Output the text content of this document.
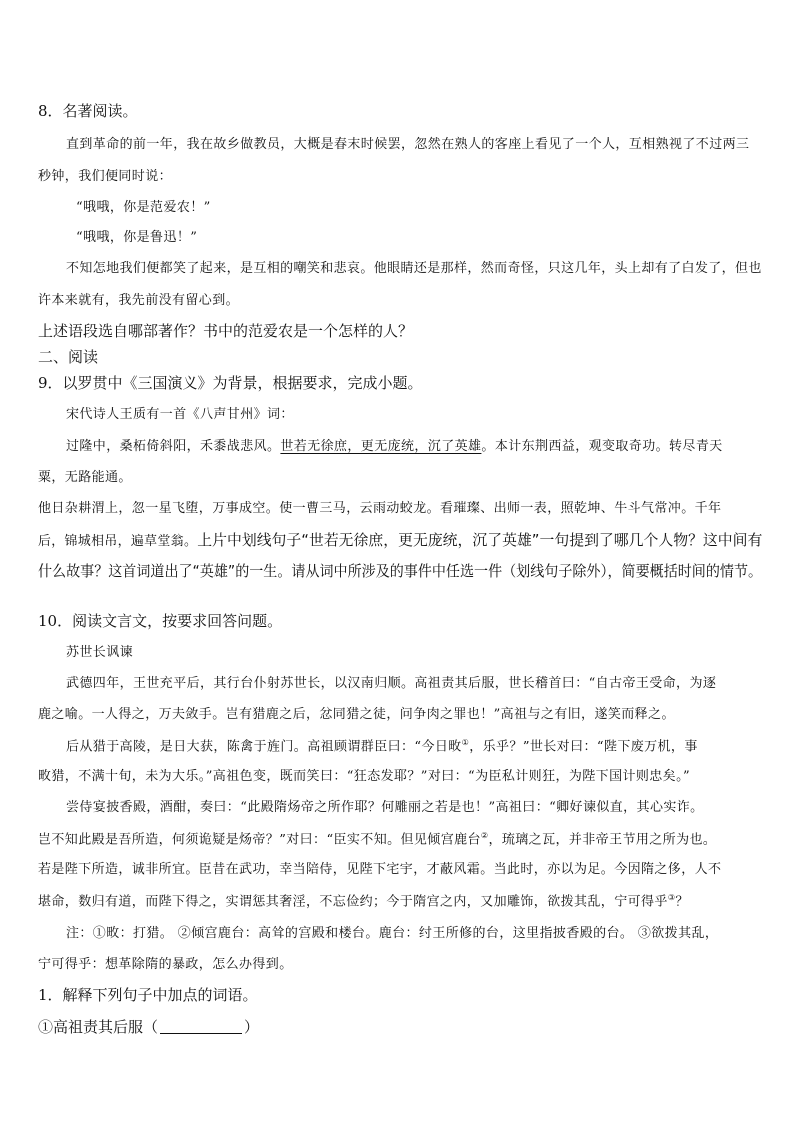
8．名著阅读。
直到革命的前一年，我在故乡做教员，大概是春末时候罢，忽然在熟人的客座上看见了一个人，互相熟视了不过两三
秒钟，我们便同时说：
“哦哦，你是范爱农！”
“哦哦，你是鲁迅！”
不知怎地我们便都笑了起来，是互相的嘲笑和悲哀。他眼睛还是那样，然而奇怪，只这几年，头上却有了白发了，但也
许本来就有，我先前没有留心到。
上述语段选自哪部著作？书中的范爱农是一个怎样的人？
二、阅读
9．以罗贯中《三国演义》为背景，根据要求，完成小题。
宋代诗人王质有一首《八声甘州》词：
过隆中，桑柘倚斜阳，禾黍战悲风。世若无徐庶，更无庞统，沉了英雄。本计东荆西益，观变取奇功。转尽青天
粟，无路能通。
他日杂耕渭上，忽一星飞堕，万事成空。使一曹三马，云雨动蛟龙。看璀璨、出师一表，照乾坤、牛斗气常冲。千年
后，锦城相吊，遍草堂翁。上片中划线句子“世若无徐庶，更无庞统，沉了英雄”一句提到了哪几个人物？这中间有
什么故事？这首词道出了“英雄”的一生。请从词中所涉及的事件中任选一件（划线句子除外），简要概括时间的情节。
10．阅读文言文，按要求回答问题。
苏世长讽谏
武德四年，王世充平后，其行台仆射苏世长，以汉南归顺。高祖责其后服，世长稽首曰：“自古帝王受命，为逐
鹿之喻。一人得之，万夫敛手。岂有猎鹿之后，忿同猎之徒，问争肉之罪也！”高祖与之有旧，遂笑而释之。
后从猎于高陵，是日大获，陈禽于旌门。高祖顾谓群臣曰：“今日畋①，乐乎？”世长对曰：“陛下废万机，事
畋猎，不满十旬，未为大乐。”高祖色变，既而笑曰：“狂态发耶？”对曰：“为臣私计则狂，为陛下国计则忠矣。”
尝侍宴披香殿，酒酣，奏曰：“此殿隋炀帝之所作耶？何雕丽之若是也！”高祖曰：“卿好谏似直，其心实诈。
岂不知此殿是吾所造，何须诡疑是炀帝？”对曰：“臣实不知。但见倾宫鹿台②，琉璃之瓦，并非帝王节用之所为也。
若是陛下所造，诚非所宜。臣昔在武功，幸当陪侍，见陛下宅宇，才蔽风霜。当此时，亦以为足。今因隋之侈，人不
堪命，数归有道，而陛下得之，实谓惩其奢淫，不忘俭约；今于隋宫之内，又加雕饰，欲拨其乱，宁可得乎③？
注：①畋：打猎。 ②倾宫鹿台：高耸的宫殿和楼台。鹿台：纣王所修的台，这里指披香殿的台。 ③欲拨其乱，
宁可得乎：想革除隋的暴政，怎么办得到。
1．解释下列句子中加点的词语。
①高祖责其后服（	）
